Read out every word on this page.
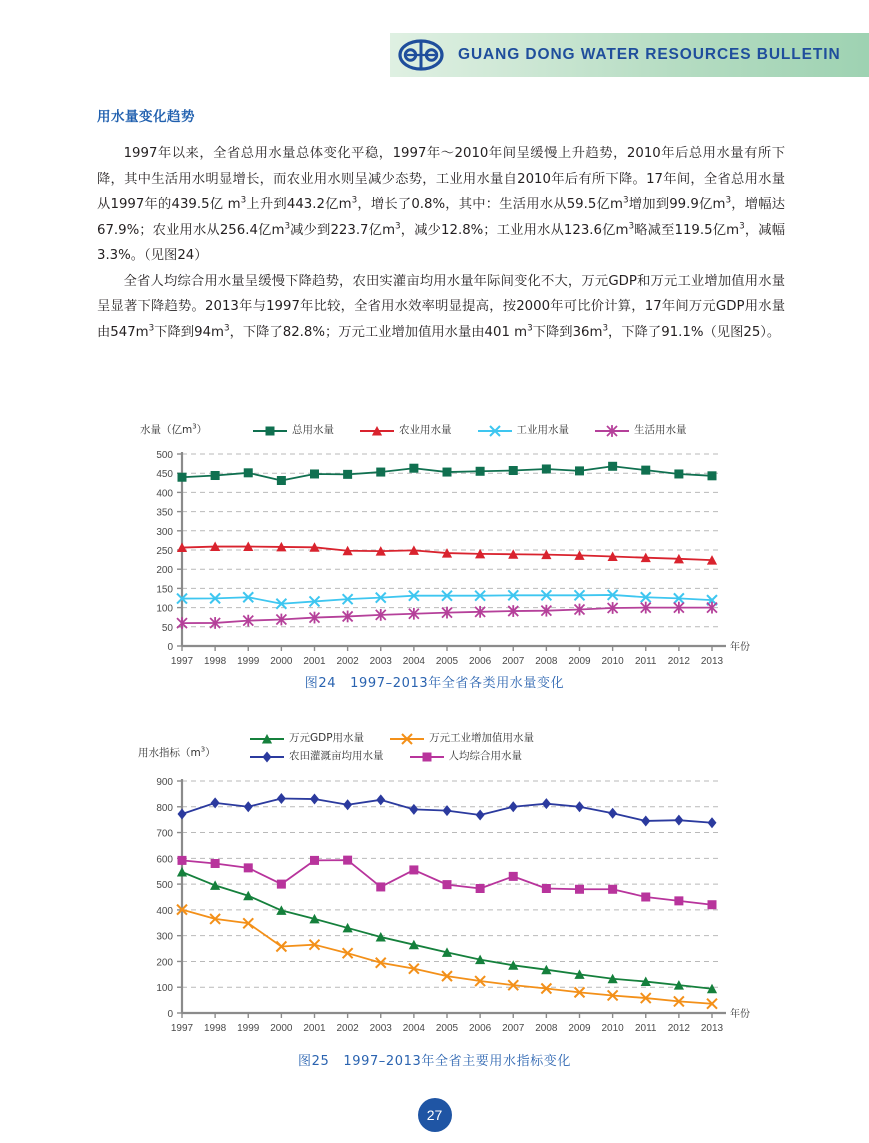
GUANG DONG WATER RESOURCES BULLETIN
用水量变化趋势

1997年以来，全省总用水量总体变化平稳，1997年～2010年间呈缓慢上升趋势，2010年后总用水量有所下降，其中生活用水明显增长，而农业用水则呈减少态势，工业用水量自2010年后有所下降。17年间，全省总用水量从1997年的439.5亿 $m^3$上升到443.2亿$m^3$，增长了0.8%，其中：生活用水从59.5亿$m^3$增加到99.9亿$m^3$，增幅达67.9%；农业用水从256.4亿$m^3$减少到223.7亿$m^3$，减少12.8%；工业用水从123.6亿$m^3$略减至119.5亿$m^3$，减幅3.3%。（见图24）

全省人均综合用水量呈缓慢下降趋势，农田实灌亩均用水量年际间变化不大，万元GDP和万元工业增加值用水量呈显著下降趋势。2013年与1997年比较，全省用水效率明显提高，按2000年可比价计算，17年间万元GDP用水量由$547m^3$下降到$94m^3$，下降了82.8%；万元工业增加值用水量由401 $m^3$下降到$36m^3$，下降了91.1%（见图25）。

水量（亿$m^3$）	总用水量	农业用水量	工业用水量	生活用水量
0
50
100
150
200
250
300
350
400
450
500
1997 1998 1999 2000 2001 2002 2003 2004 2005 2006 2007 2008 2009 2010 2011 2012 2013
年份
图24 1997–2013年全省各类用水量变化
用水指标$(m^3)$
万元GDP用水量	万元工业增加值用水量
农田灌溉亩均用水量	人均综合用水量
0
100
200
300
400
500
600
700
800
900
1997 1998 1999 2000 2001 2002 2003 2004 2005 2006 2007 2008 2009 2010 2011 2012 2013
年份
图25 1997–2013年全省主要用水指标变化
27
